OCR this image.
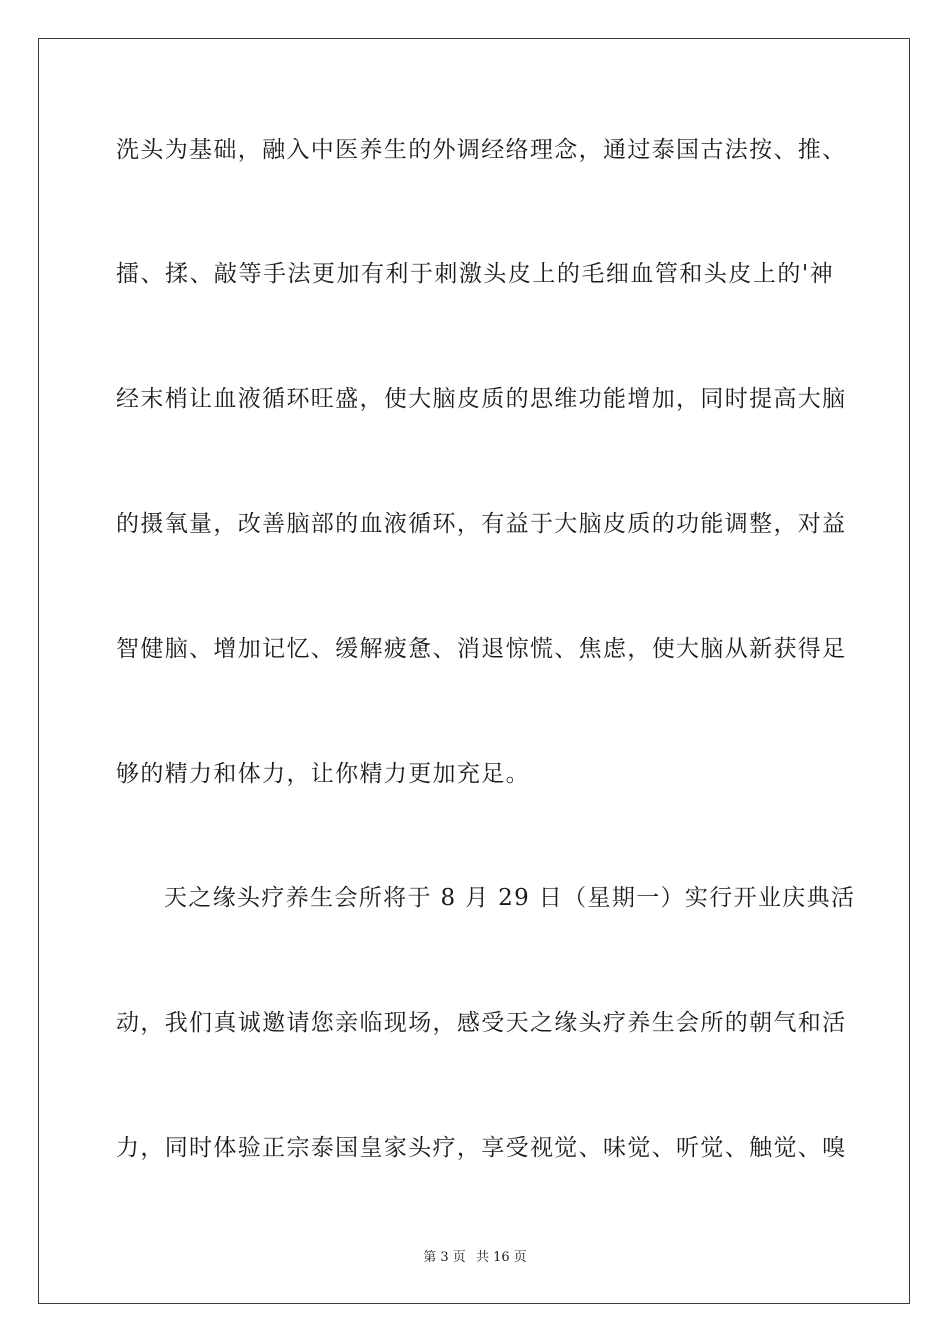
洗头为基础，融入中医养生的外调经络理念，通过泰国古法按、推、
擂、揉、敲等手法更加有利于刺激头皮上的毛细血管和头皮上的'神
经末梢让血液循环旺盛，使大脑皮质的思维功能增加，同时提高大脑
的摄氧量，改善脑部的血液循环，有益于大脑皮质的功能调整，对益
智健脑、增加记忆、缓解疲惫、消退惊慌、焦虑，使大脑从新获得足
够的精力和体力，让你精力更加充足。
天之缘头疗养生会所将于 8 月 29 日（星期一）实行开业庆典活
动，我们真诚邀请您亲临现场，感受天之缘头疗养生会所的朝气和活
力，同时体验正宗泰国皇家头疗，享受视觉、味觉、听觉、触觉、嗅
第 3 页 共 16 页
